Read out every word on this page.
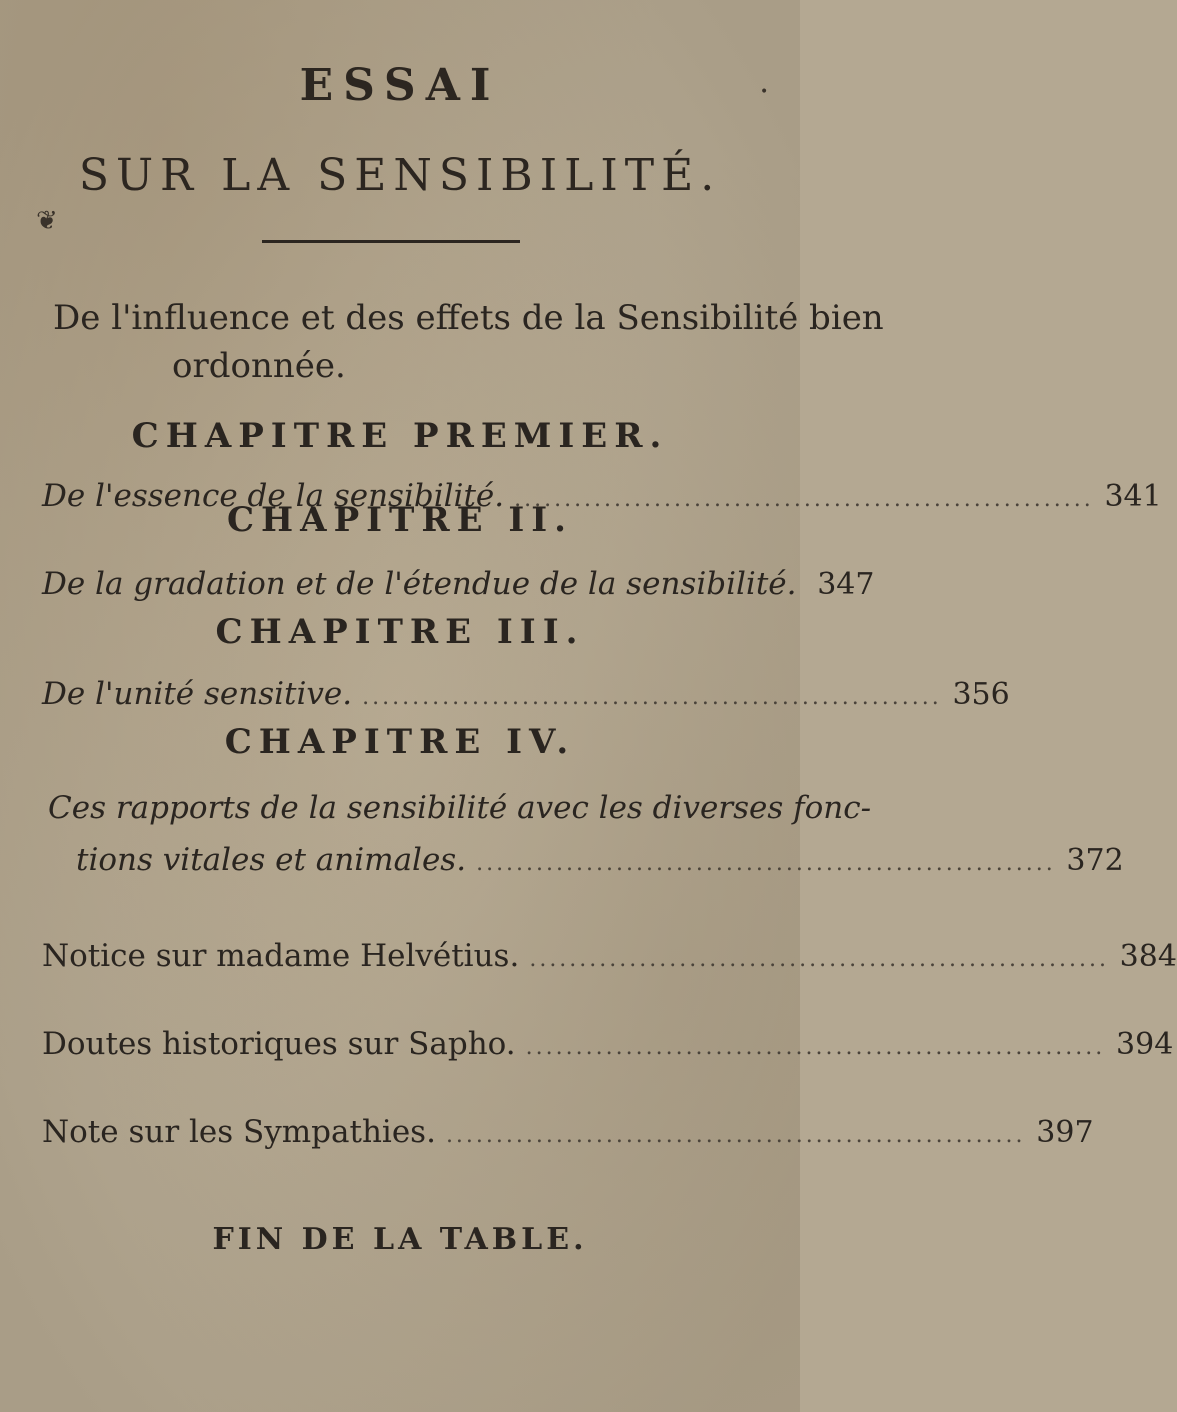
❦
•
ESSAI
SUR LA SENSIBILITÉ.
De l'influence et des effets de la Sensibilité bien
ordonnée.
CHAPITRE PREMIER.
De l'essence de la sensibilité. .......................................................... 341
CHAPITRE II.
De la gradation et de l'étendue de la sensibilité. 347
CHAPITRE III.
De l'unité sensitive. .......................................................... 356
CHAPITRE IV.
Ces rapports de la sensibilité avec les diverses fonc-
tions vitales et animales. .......................................................... 372
Notice sur madame Helvétius. .......................................................... 384
Doutes historiques sur Sapho. .......................................................... 394
Note sur les Sympathies. .......................................................... 397
FIN DE LA TABLE.
